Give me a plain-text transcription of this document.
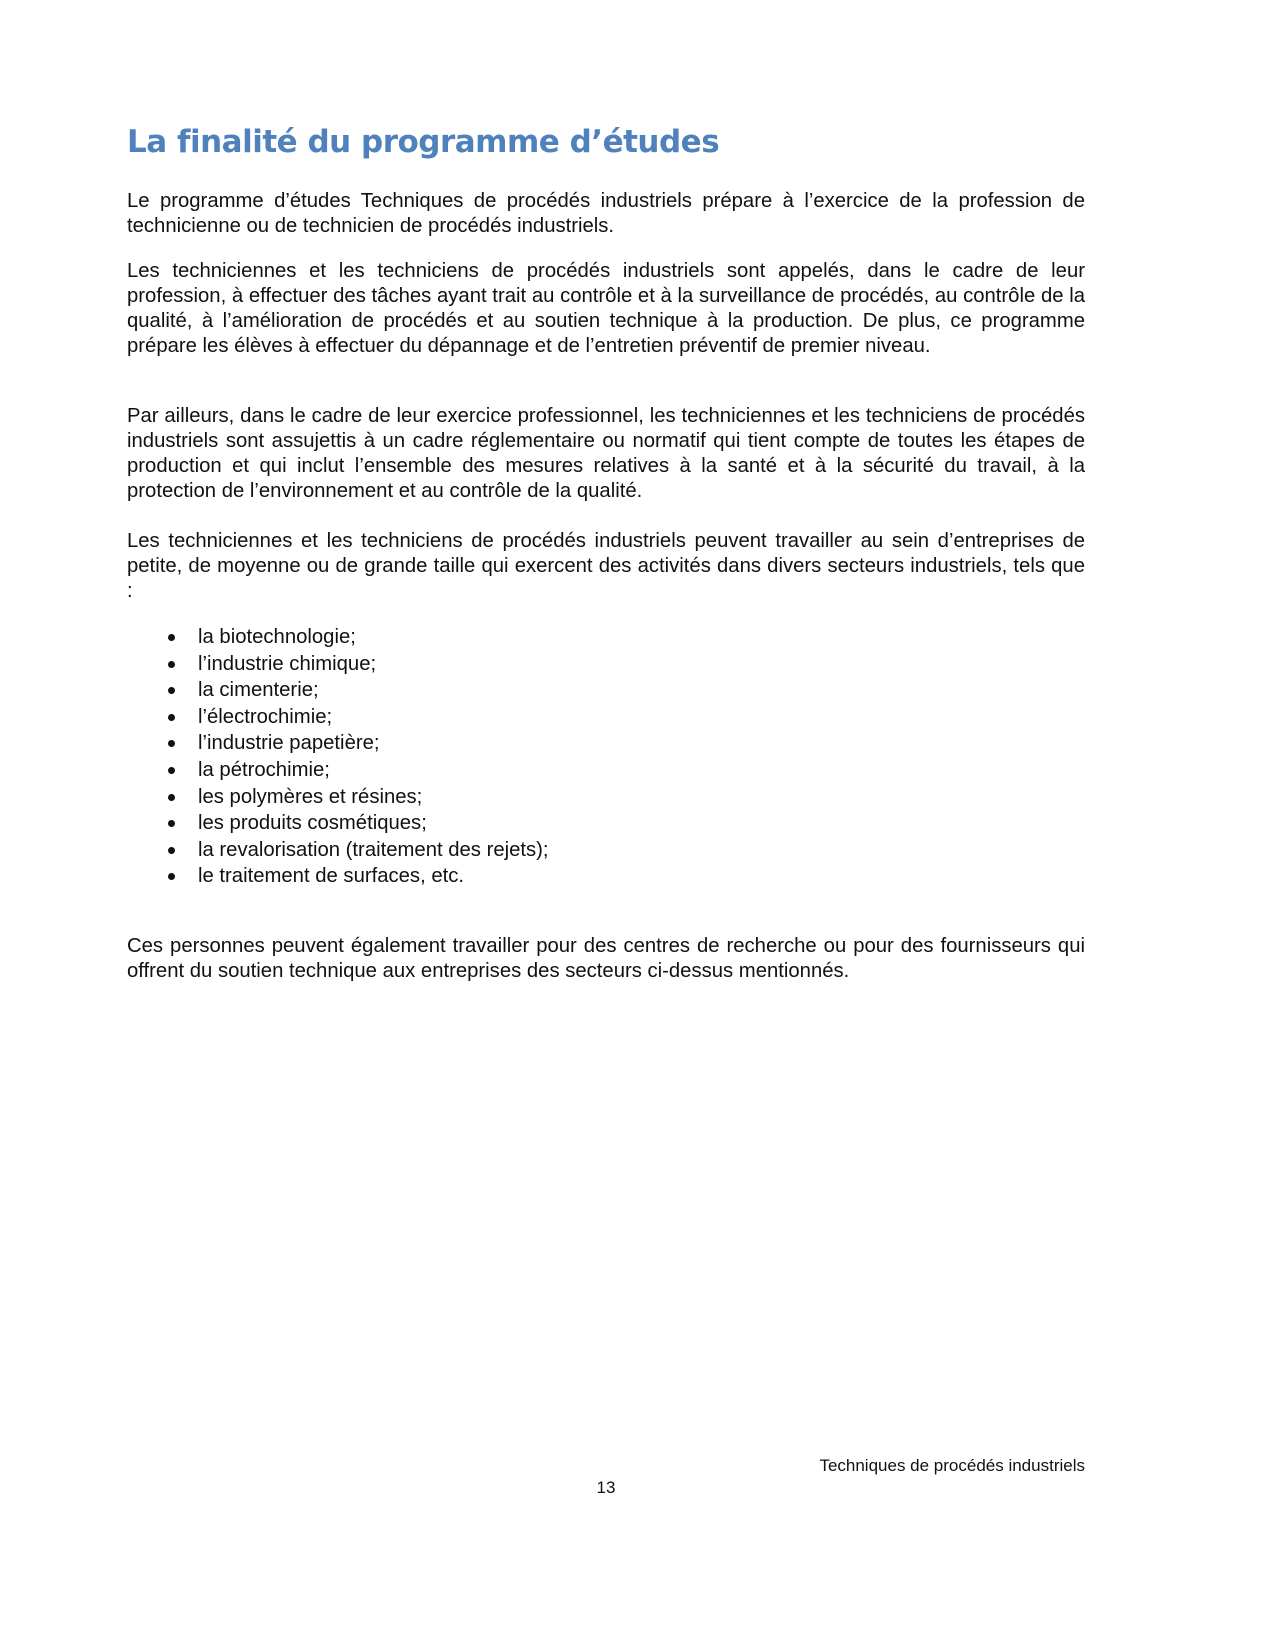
La finalité du programme d’études

Le programme d’études Techniques de procédés industriels prépare à l’exercice de la profession de technicienne ou de technicien de procédés industriels.

Les techniciennes et les techniciens de procédés industriels sont appelés, dans le cadre de leur profession, à effectuer des tâches ayant trait au contrôle et à la surveillance de procédés, au contrôle de la qualité, à l’amélioration de procédés et au soutien technique à la production. De plus, ce programme prépare les élèves à effectuer du dépannage et de l’entretien préventif de premier niveau.

Par ailleurs, dans le cadre de leur exercice professionnel, les techniciennes et les techniciens de procédés industriels sont assujettis à un cadre réglementaire ou normatif qui tient compte de toutes les étapes de production et qui inclut l’ensemble des mesures relatives à la santé et à la sécurité du travail, à la protection de l’environnement et au contrôle de la qualité.

Les techniciennes et les techniciens de procédés industriels peuvent travailler au sein d’entreprises de petite, de moyenne ou de grande taille qui exercent des activités dans divers secteurs industriels, tels que :

la biotechnologie;
l’industrie chimique;
la cimenterie;
l’électrochimie;
l’industrie papetière;
la pétrochimie;
les polymères et résines;
les produits cosmétiques;
la revalorisation (traitement des rejets);
le traitement de surfaces, etc.

Ces personnes peuvent également travailler pour des centres de recherche ou pour des fournisseurs qui offrent du soutien technique aux entreprises des secteurs ci-dessus mentionnés.

Techniques de procédés industriels
13
